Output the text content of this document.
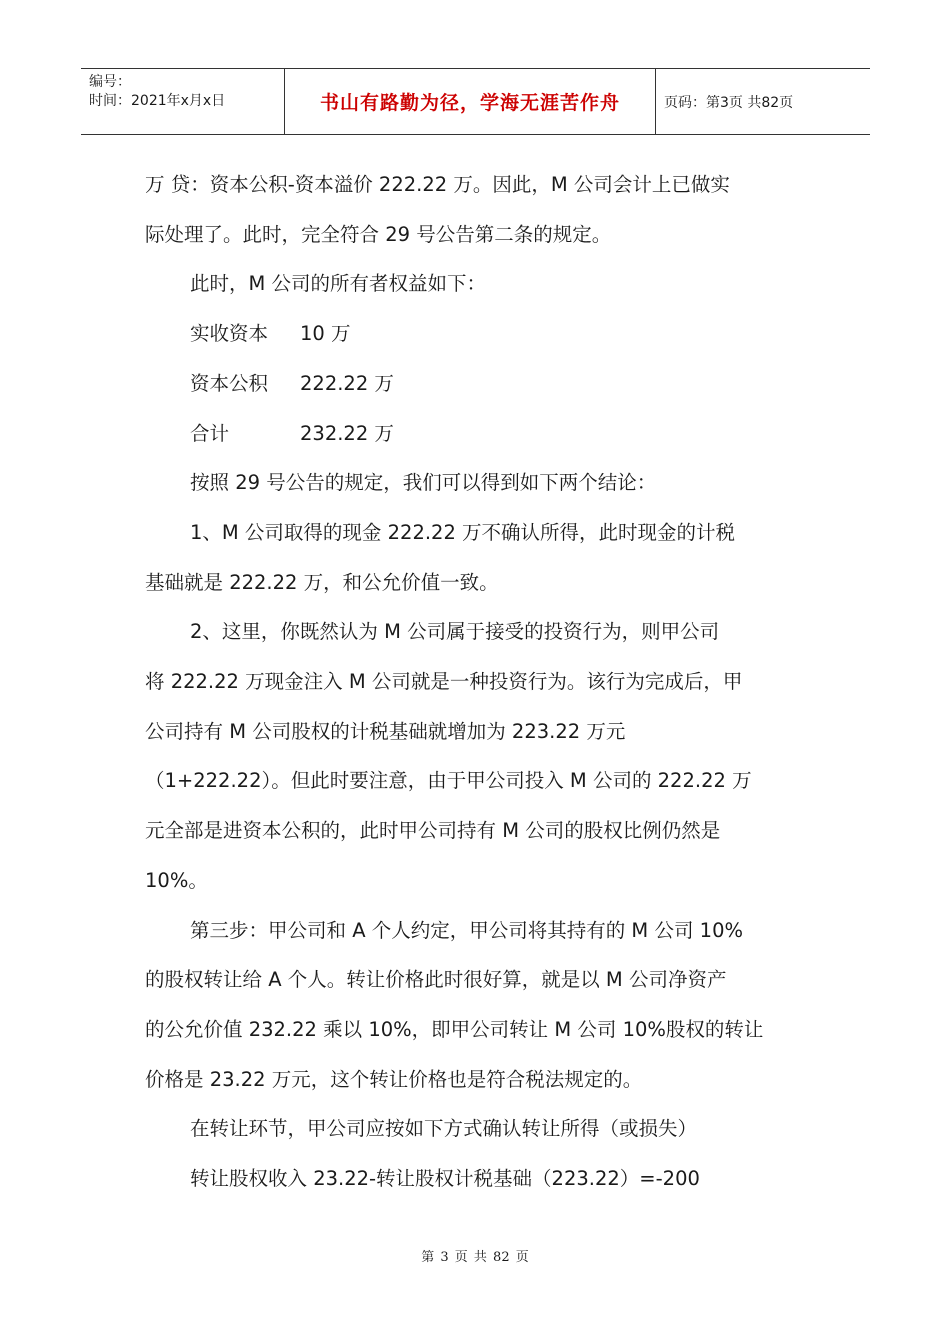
编号：
时间：2021年x月x日	书山有路勤为径，学海无涯苦作舟	页码：第3页 共82页

万 贷：资本公积-资本溢价 222.22 万。因此，M 公司会计上已做实

际处理了。此时，完全符合 29 号公告第二条的规定。

此时，M 公司的所有者权益如下：

实收资本	10 万
资本公积	222.22 万
合计	232.22 万

按照 29 号公告的规定，我们可以得到如下两个结论：

1、M 公司取得的现金 222.22 万不确认所得，此时现金的计税

基础就是 222.22 万，和公允价值一致。

2、这里，你既然认为 M 公司属于接受的投资行为，则甲公司

将 222.22 万现金注入 M 公司就是一种投资行为。该行为完成后，甲

公司持有 M 公司股权的计税基础就增加为 223.22 万元

（1+222.22）。但此时要注意，由于甲公司投入 M 公司的 222.22 万

元全部是进资本公积的，此时甲公司持有 M 公司的股权比例仍然是

10%。

第三步：甲公司和 A 个人约定，甲公司将其持有的 M 公司 10%

的股权转让给 A 个人。转让价格此时很好算，就是以 M 公司净资产

的公允价值 232.22 乘以 10%，即甲公司转让 M 公司 10%股权的转让

价格是 23.22 万元，这个转让价格也是符合税法规定的。

在转让环节，甲公司应按如下方式确认转让所得（或损失）

转让股权收入 23.22-转让股权计税基础（223.22）=-200

第 3 页 共 82 页
